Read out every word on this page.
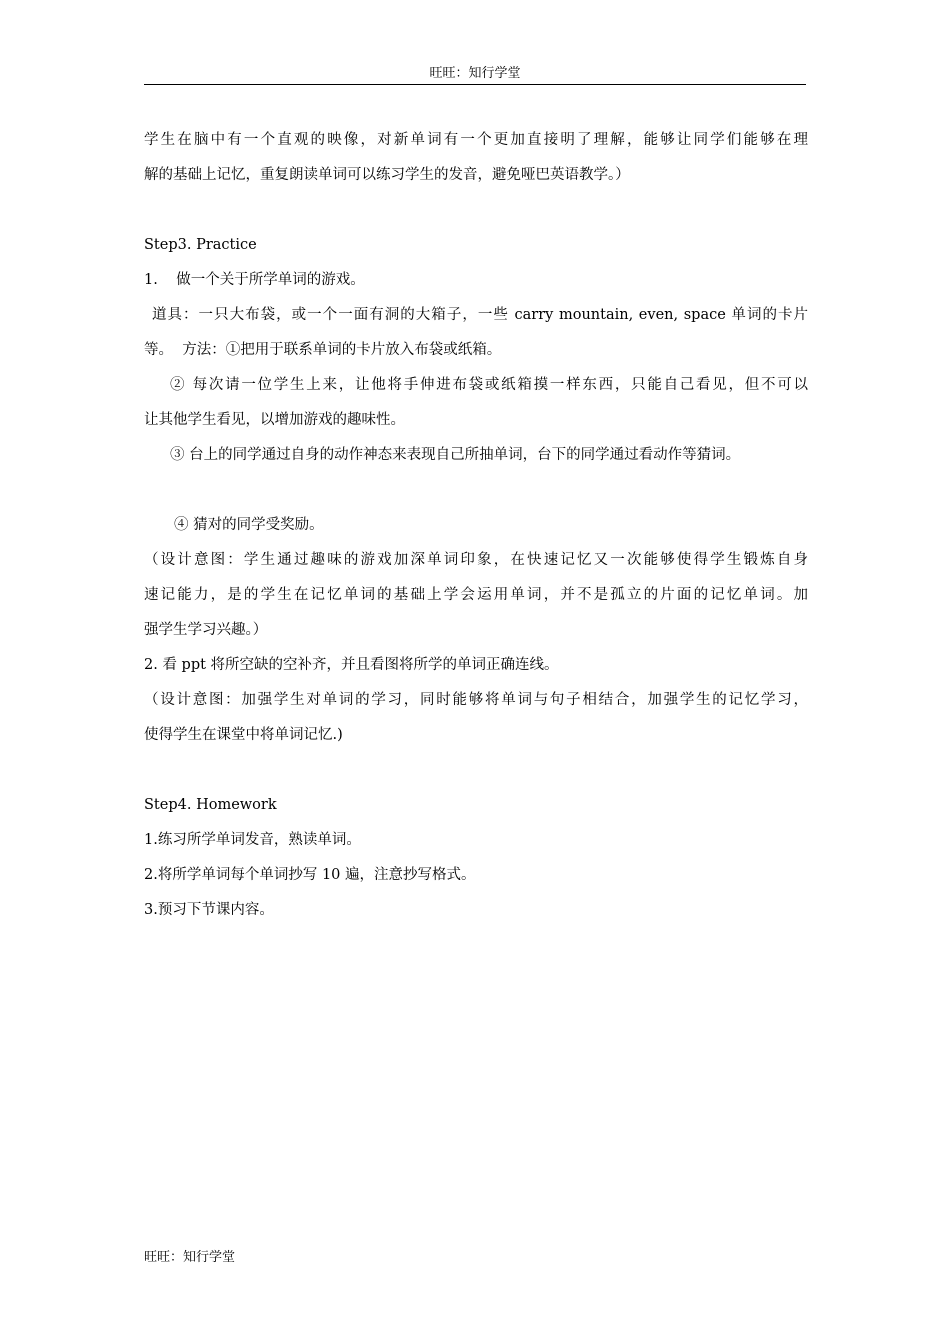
旺旺：知行学堂
学生在脑中有一个直观的映像，对新单词有一个更加直接明了理解，能够让同学们能够在理
解的基础上记忆，重复朗读单词可以练习学生的发音，避免哑巴英语教学。）
Step3. Practice
1.    做一个关于所学单词的游戏。
道具：一只大布袋，或一个一面有洞的大箱子，一些 carry mountain, even, space 单词的卡片
等。  方法：①把用于联系单词的卡片放入布袋或纸箱。
② 每次请一位学生上来，让他将手伸进布袋或纸箱摸一样东西，只能自己看见，但不可以
让其他学生看见，以增加游戏的趣味性。
③ 台上的同学通过自身的动作神态来表现自己所抽单词，台下的同学通过看动作等猜词。
④ 猜对的同学受奖励。
（设计意图：学生通过趣味的游戏加深单词印象，在快速记忆又一次能够使得学生锻炼自身
速记能力，是的学生在记忆单词的基础上学会运用单词，并不是孤立的片面的记忆单词。加
强学生学习兴趣。）
2. 看 ppt 将所空缺的空补齐，并且看图将所学的单词正确连线。
（设计意图：加强学生对单词的学习，同时能够将单词与句子相结合，加强学生的记忆学习，
使得学生在课堂中将单词记忆.)
Step4. Homework
1.练习所学单词发音，熟读单词。
2.将所学单词每个单词抄写 10 遍，注意抄写格式。
3.预习下节课内容。
旺旺：知行学堂
